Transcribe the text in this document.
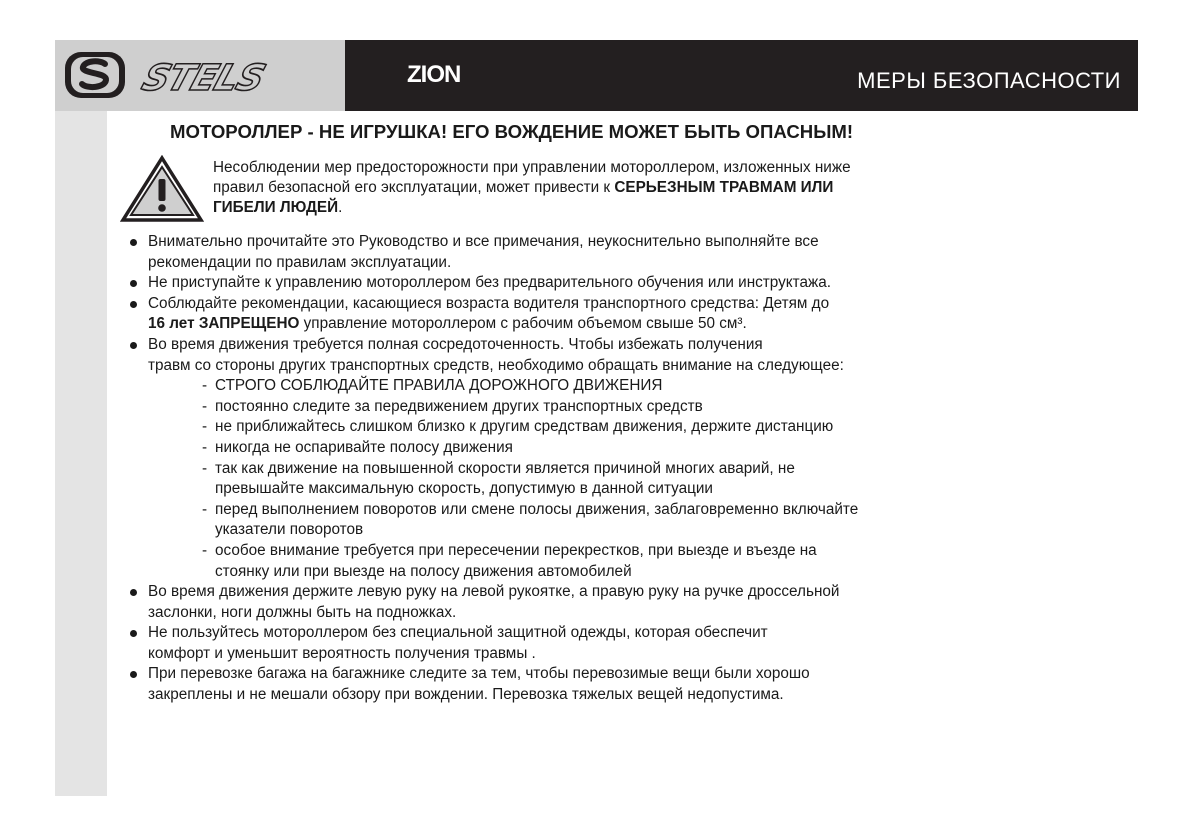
STELS	ZION	МЕРЫ БЕЗОПАСНОСТИ
МОТОРОЛЛЕР - НЕ ИГРУШКА! ЕГО ВОЖДЕНИЕ МОЖЕТ БЫТЬ ОПАСНЫМ!
Несоблюдении мер предосторожности при управлении мотороллером, изложенных ниже
правил безопасной его эксплуатации, может привести к СЕРЬЕЗНЫМ ТРАВМАМ ИЛИ
ГИБЕЛИ ЛЮДЕЙ.
Внимательно прочитайте это Руководство и все примечания, неукоснительно выполняйте все
рекомендации по правилам эксплуатации.
Не приступайте к управлению мотороллером без предварительного обучения или инструктажа.
Соблюдайте рекомендации, касающиеся возраста водителя транспортного средства: Детям до
16 лет ЗАПРЕЩЕНО управление мотороллером с рабочим объемом свыше 50 см³.
Во время движения требуется полная сосредоточенность. Чтобы избежать получения
травм со стороны других транспортных средств, необходимо обращать внимание на следующее:
- СТРОГО СОБЛЮДАЙТЕ ПРАВИЛА ДОРОЖНОГО ДВИЖЕНИЯ
- постоянно следите за передвижением других транспортных средств
- не приближайтесь слишком близко к другим средствам движения, держите дистанцию
- никогда не оспаривайте полосу движения
- так как движение на повышенной скорости является причиной многих аварий, не
превышайте максимальную скорость, допустимую в данной ситуации
- перед выполнением поворотов или смене полосы движения, заблаговременно включайте
указатели поворотов
- особое внимание требуется при пересечении перекрестков, при выезде и въезде на
стоянку или при выезде на полосу движения автомобилей
Во время движения держите левую руку на левой рукоятке, а правую руку на ручке дроссельной
заслонки, ноги должны быть на подножках.
Не пользуйтесь мотороллером без специальной защитной одежды, которая обеспечит
комфорт и уменьшит вероятность получения травмы .
При перевозке багажа на багажнике следите за тем, чтобы перевозимые вещи были хорошо
закреплены и не мешали обзору при вождении. Перевозка тяжелых вещей недопустима.
